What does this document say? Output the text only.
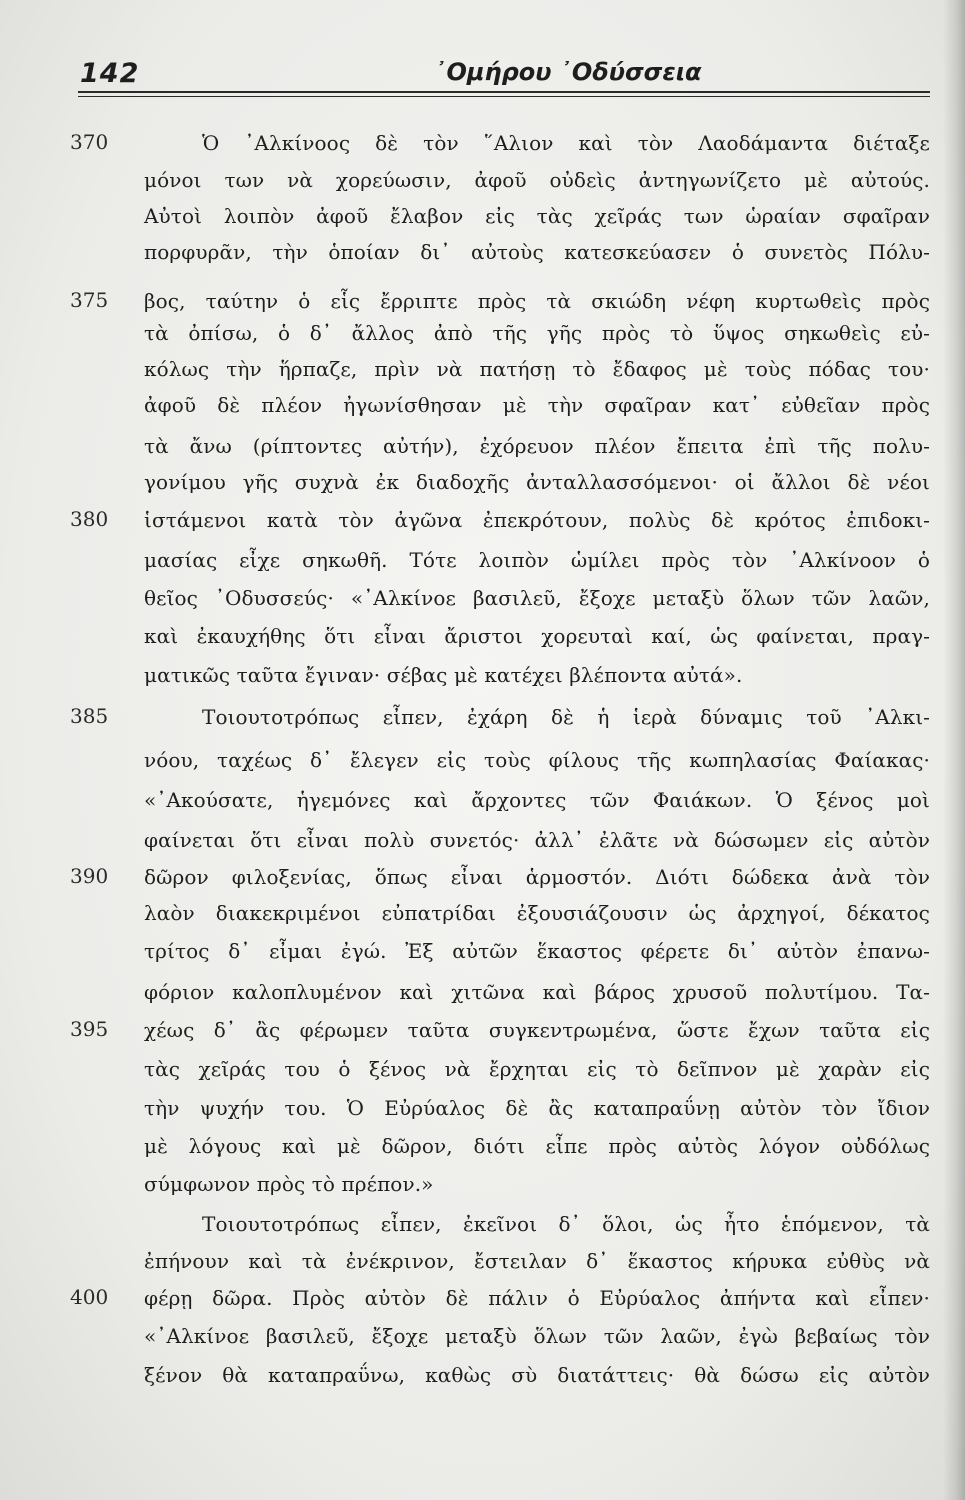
142	᾿Ομήρου ᾿Οδύσσεια
370	Ὁ ᾿Αλκίνοος δὲ τὸν ῞Αλιον καὶ τὸν Λαοδάμαντα διέταξε
μόνοι των νὰ χορεύωσιν, ἀφοῦ οὐδεὶς ἀντηγωνίζετο μὲ αὐτούς.
Αὐτοὶ λοιπὸν ἀφοῦ ἔλαβον εἰς τὰς χεῖράς των ὡραίαν σφαῖραν
πορφυρᾶν, τὴν ὁποίαν δι᾿ αὐτοὺς κατεσκεύασεν ὁ συνετὸς Πόλυ-
375	βος, ταύτην ὁ εἷς ἔρριπτε πρὸς τὰ σκιώδη νέφη κυρτωθεὶς πρὸς
τὰ ὀπίσω, ὁ δ᾿ ἄλλος ἀπὸ τῆς γῆς πρὸς τὸ ὕψος σηκωθεὶς εὐ-
κόλως τὴν ἥρπαζε, πρὶν νὰ πατήσῃ τὸ ἔδαφος μὲ τοὺς πόδας του·
ἀφοῦ δὲ πλέον ἠγωνίσθησαν μὲ τὴν σφαῖραν κατ᾿ εὐθεῖαν πρὸς
τὰ ἄνω (ρίπτοντες αὐτήν), ἐχόρευον πλέον ἔπειτα ἐπὶ τῆς πολυ-
γονίμου γῆς συχνὰ ἐκ διαδοχῆς ἀνταλλασσόμενοι· οἱ ἄλλοι δὲ νέοι
380	ἱστάμενοι κατὰ τὸν ἀγῶνα ἐπεκρότουν, πολὺς δὲ κρότος ἐπιδοκι-
μασίας εἶχε σηκωθῆ. Τότε λοιπὸν ὡμίλει πρὸς τὸν ᾿Αλκίνοον ὁ
θεῖος ᾿Οδυσσεύς· «᾿Αλκίνοε βασιλεῦ, ἔξοχε μεταξὺ ὅλων τῶν λαῶν,
καὶ ἐκαυχήθης ὅτι εἶναι ἄριστοι χορευταὶ καί, ὡς φαίνεται, πραγ-
ματικῶς ταῦτα ἔγιναν· σέβας μὲ κατέχει βλέποντα αὐτά».
385	Τοιουτοτρόπως εἶπεν, ἐχάρη δὲ ἡ ἱερὰ δύναμις τοῦ ᾿Αλκι-
νόου, ταχέως δ᾿ ἔλεγεν εἰς τοὺς φίλους τῆς κωπηλασίας Φαίακας·
«᾿Ακούσατε, ἡγεμόνες καὶ ἄρχοντες τῶν Φαιάκων. Ὁ ξένος μοὶ
φαίνεται ὅτι εἶναι πολὺ συνετός· ἀλλ᾿ ἐλᾶτε νὰ δώσωμεν εἰς αὐτὸν
390	δῶρον φιλοξενίας, ὅπως εἶναι ἁρμοστόν. Διότι δώδεκα ἀνὰ τὸν
λαὸν διακεκριμένοι εὐπατρίδαι ἐξουσιάζουσιν ὡς ἀρχηγοί, δέκατος
τρίτος δ᾿ εἶμαι ἐγώ. Ἐξ αὐτῶν ἕκαστος φέρετε δι᾿ αὐτὸν ἐπανω-
φόριον καλοπλυμένον καὶ χιτῶνα καὶ βάρος χρυσοῦ πολυτίμου. Τα-
395	χέως δ᾿ ἂς φέρωμεν ταῦτα συγκεντρωμένα, ὥστε ἔχων ταῦτα εἰς
τὰς χεῖράς του ὁ ξένος νὰ ἔρχηται εἰς τὸ δεῖπνον μὲ χαρὰν εἰς
τὴν ψυχήν του. Ὁ Εὐρύαλος δὲ ἂς καταπραΰνῃ αὐτὸν τὸν ἴδιον
μὲ λόγους καὶ μὲ δῶρον, διότι εἶπε πρὸς αὐτὸς λόγον οὐδόλως
σύμφωνον πρὸς τὸ πρέπον.»
Τοιουτοτρόπως εἶπεν, ἐκεῖνοι δ᾿ ὅλοι, ὡς ἦτο ἑπόμενον, τὰ
ἐπήνουν καὶ τὰ ἐνέκρινον, ἔστειλαν δ᾿ ἕκαστος κήρυκα εὐθὺς νὰ
400	φέρῃ δῶρα. Πρὸς αὐτὸν δὲ πάλιν ὁ Εὐρύαλος ἀπήντα καὶ εἶπεν·
«᾿Αλκίνοε βασιλεῦ, ἔξοχε μεταξὺ ὅλων τῶν λαῶν, ἐγὼ βεβαίως τὸν
ξένον θὰ καταπραΰνω, καθὼς σὺ διατάττεις· θὰ δώσω εἰς αὐτὸν
